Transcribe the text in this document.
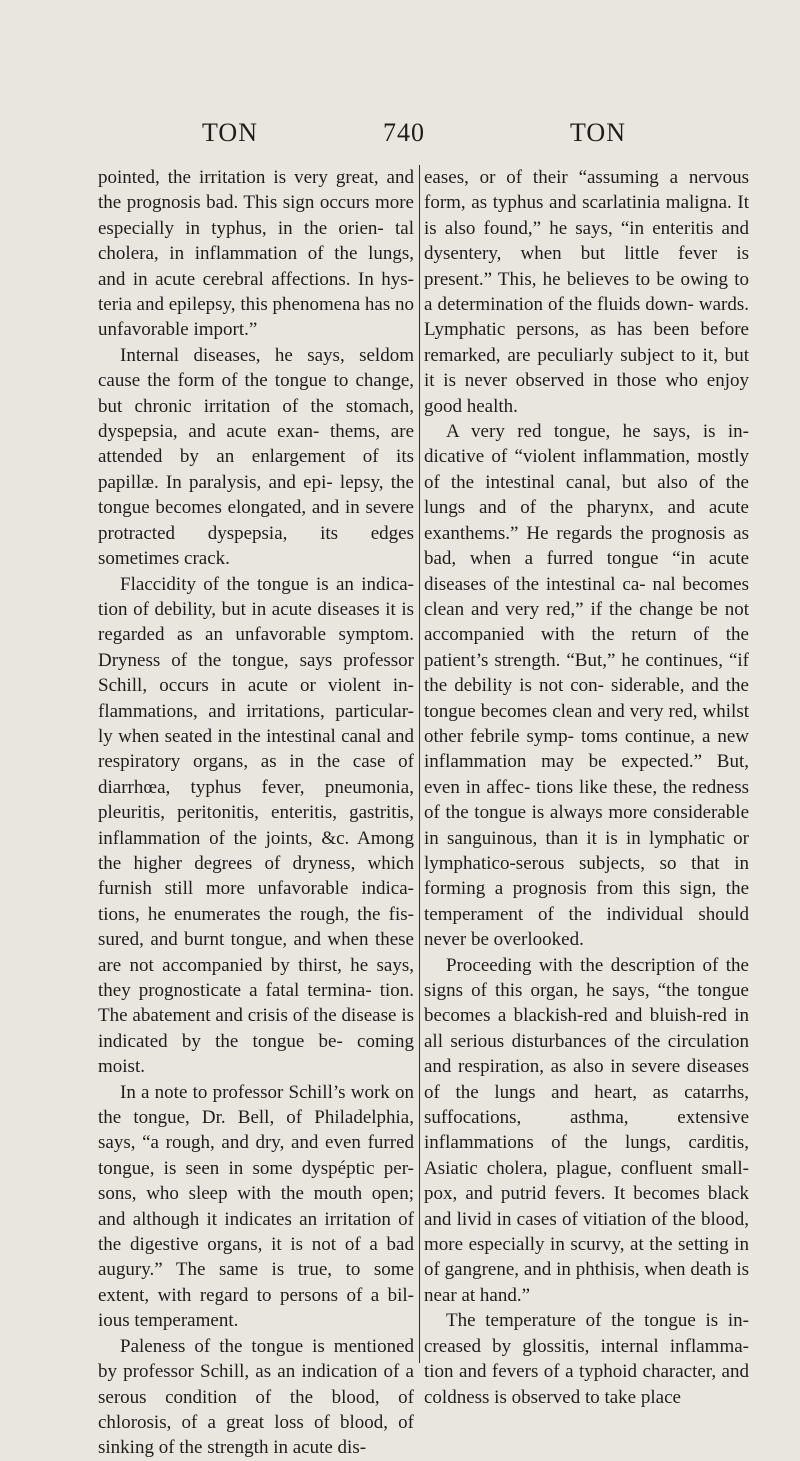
TON	740	TON

pointed, the irritation is very great, and the prognosis bad. This sign occurs more especially in typhus, in the orien- tal cholera, in inflammation of the lungs, and in acute cerebral affections. In hys- teria and epilepsy, this phenomena has no unfavorable import.”

Internal diseases, he says, seldom cause the form of the tongue to change, but chronic irritation of the stomach, dyspepsia, and acute exan- thems, are attended by an enlargement of its papillæ. In paralysis, and epi- lepsy, the tongue becomes elongated, and in severe protracted dyspepsia, its edges sometimes crack.

Flaccidity of the tongue is an indica- tion of debility, but in acute diseases it is regarded as an unfavorable symptom. Dryness of the tongue, says professor Schill, occurs in acute or violent in- flammations, and irritations, particular- ly when seated in the intestinal canal and respiratory organs, as in the case of diarrhœa, typhus fever, pneumonia, pleuritis, peritonitis, enteritis, gastritis, inflammation of the joints, &c. Among the higher degrees of dryness, which furnish still more unfavorable indica- tions, he enumerates the rough, the fis- sured, and burnt tongue, and when these are not accompanied by thirst, he says, they prognosticate a fatal termina- tion. The abatement and crisis of the disease is indicated by the tongue be- coming moist.

In a note to professor Schill’s work on the tongue, Dr. Bell, of Philadelphia, says, “a rough, and dry, and even furred tongue, is seen in some dyspéptic per- sons, who sleep with the mouth open; and although it indicates an irritation of the digestive organs, it is not of a bad augury.” The same is true, to some extent, with regard to persons of a bil- ious temperament.

Paleness of the tongue is mentioned by professor Schill, as an indication of a serous condition of the blood, of chlorosis, of a great loss of blood, of sinking of the strength in acute dis-

eases, or of their “assuming a nervous form, as typhus and scarlatinia maligna. It is also found,” he says, “in enteritis and dysentery, when but little fever is present.” This, he believes to be owing to a determination of the fluids down- wards. Lymphatic persons, as has been before remarked, are peculiarly subject to it, but it is never observed in those who enjoy good health.

A very red tongue, he says, is in- dicative of “violent inflammation, mostly of the intestinal canal, but also of the lungs and of the pharynx, and acute exanthems.” He regards the prognosis as bad, when a furred tongue “in acute diseases of the intestinal ca- nal becomes clean and very red,” if the change be not accompanied with the return of the patient’s strength. “But,” he continues, “if the debility is not con- siderable, and the tongue becomes clean and very red, whilst other febrile symp- toms continue, a new inflammation may be expected.” But, even in affec- tions like these, the redness of the tongue is always more considerable in sanguinous, than it is in lymphatic or lymphatico-serous subjects, so that in forming a prognosis from this sign, the temperament of the individual should never be overlooked.

Proceeding with the description of the signs of this organ, he says, “the tongue becomes a blackish-red and bluish-red in all serious disturbances of the circulation and respiration, as also in severe diseases of the lungs and heart, as catarrhs, suffocations, asthma, extensive inflammations of the lungs, carditis, Asiatic cholera, plague, confluent small-pox, and putrid fevers. It becomes black and livid in cases of vitiation of the blood, more especially in scurvy, at the setting in of gangrene, and in phthisis, when death is near at hand.”

The temperature of the tongue is in- creased by glossitis, internal inflamma- tion and fevers of a typhoid character, and coldness is observed to take place
